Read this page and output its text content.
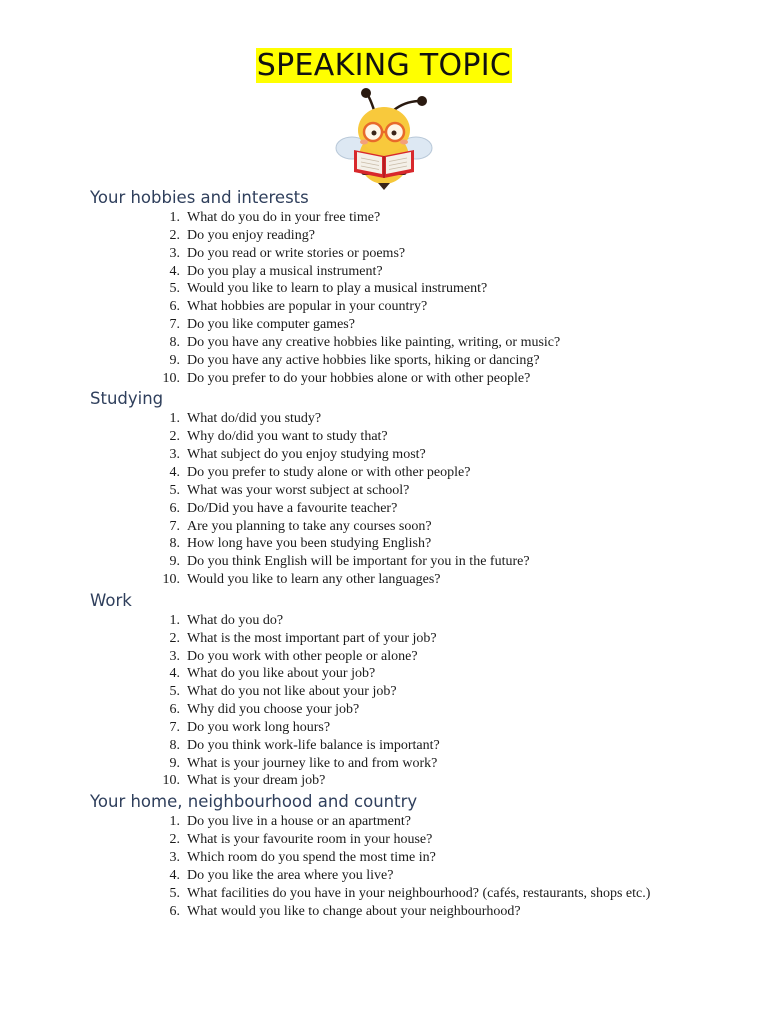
SPEAKING TOPIC
Your hobbies and interests
1. What do you do in your free time?
2. Do you enjoy reading?
3. Do you read or write stories or poems?
4. Do you play a musical instrument?
5. Would you like to learn to play a musical instrument?
6. What hobbies are popular in your country?
7. Do you like computer games?
8. Do you have any creative hobbies like painting, writing, or music?
9. Do you have any active hobbies like sports, hiking or dancing?
10. Do you prefer to do your hobbies alone or with other people?
Studying
1. What do/did you study?
2. Why do/did you want to study that?
3. What subject do you enjoy studying most?
4. Do you prefer to study alone or with other people?
5. What was your worst subject at school?
6. Do/Did you have a favourite teacher?
7. Are you planning to take any courses soon?
8. How long have you been studying English?
9. Do you think English will be important for you in the future?
10. Would you like to learn any other languages?
Work
1. What do you do?
2. What is the most important part of your job?
3. Do you work with other people or alone?
4. What do you like about your job?
5. What do you not like about your job?
6. Why did you choose your job?
7. Do you work long hours?
8. Do you think work-life balance is important?
9. What is your journey like to and from work?
10. What is your dream job?
Your home, neighbourhood and country
1. Do you live in a house or an apartment?
2. What is your favourite room in your house?
3. Which room do you spend the most time in?
4. Do you like the area where you live?
5. What facilities do you have in your neighbourhood? (cafés, restaurants, shops etc.)
6. What would you like to change about your neighbourhood?
